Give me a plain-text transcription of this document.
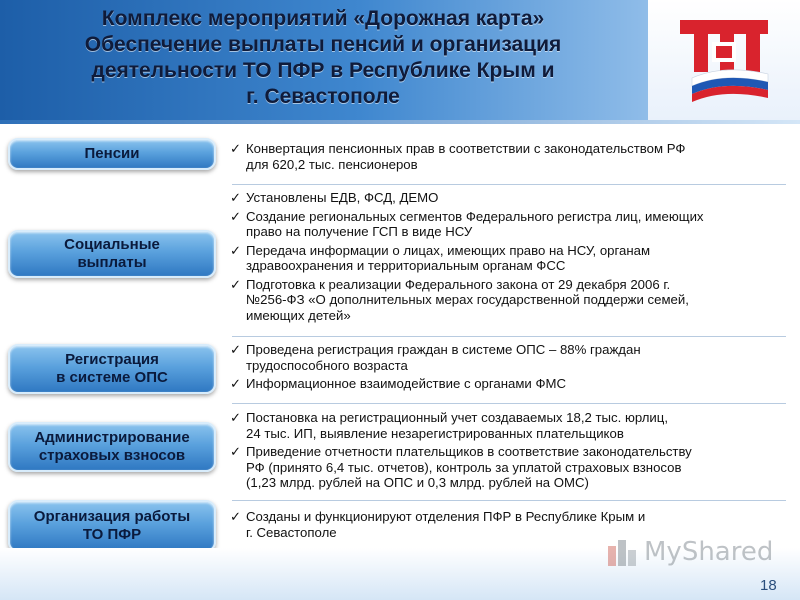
Комплекс мероприятий «Дорожная карта»
Обеспечение выплаты пенсий и организация
деятельности ТО ПФР в Республике Крым и
г. Севастополе
Пенсии	✓ Конвертация пенсионных прав в соответствии с законодательством РФ
для 620,2 тыс. пенсионеров
Социальные
выплаты
✓ Установлены ЕДВ, ФСД, ДЕМО
✓ Создание региональных сегментов Федерального регистра лиц, имеющих
право на получение ГСП в виде НСУ
✓ Передача информации о лицах, имеющих право на НСУ, органам
здравоохранения и территориальным органам ФСС
✓ Подготовка к реализации Федерального закона от 29 декабря 2006 г.
№256-ФЗ «О дополнительных мерах государственной поддержи семей,
имеющих детей»
Регистрация
в системе ОПС
✓ Проведена регистрация граждан в системе ОПС – 88% граждан
трудоспособного возраста
✓ Информационное взаимодействие с органами ФМС
Администрирование
страховых взносов
✓ Постановка на регистрационный учет создаваемых 18,2 тыс. юрлиц,
24 тыс. ИП, выявление незарегистрированных плательщиков
✓ Приведение отчетности плательщиков в соответствие законодательству
РФ (принято 6,4 тыс. отчетов), контроль за уплатой страховых взносов
(1,23 млрд. рублей на ОПС и 0,3 млрд. рублей на ОМС)
Организация работы
ТО ПФР
✓ Созданы и функционируют отделения ПФР в Республике Крым и
г. Севастополе
MyShared
18
